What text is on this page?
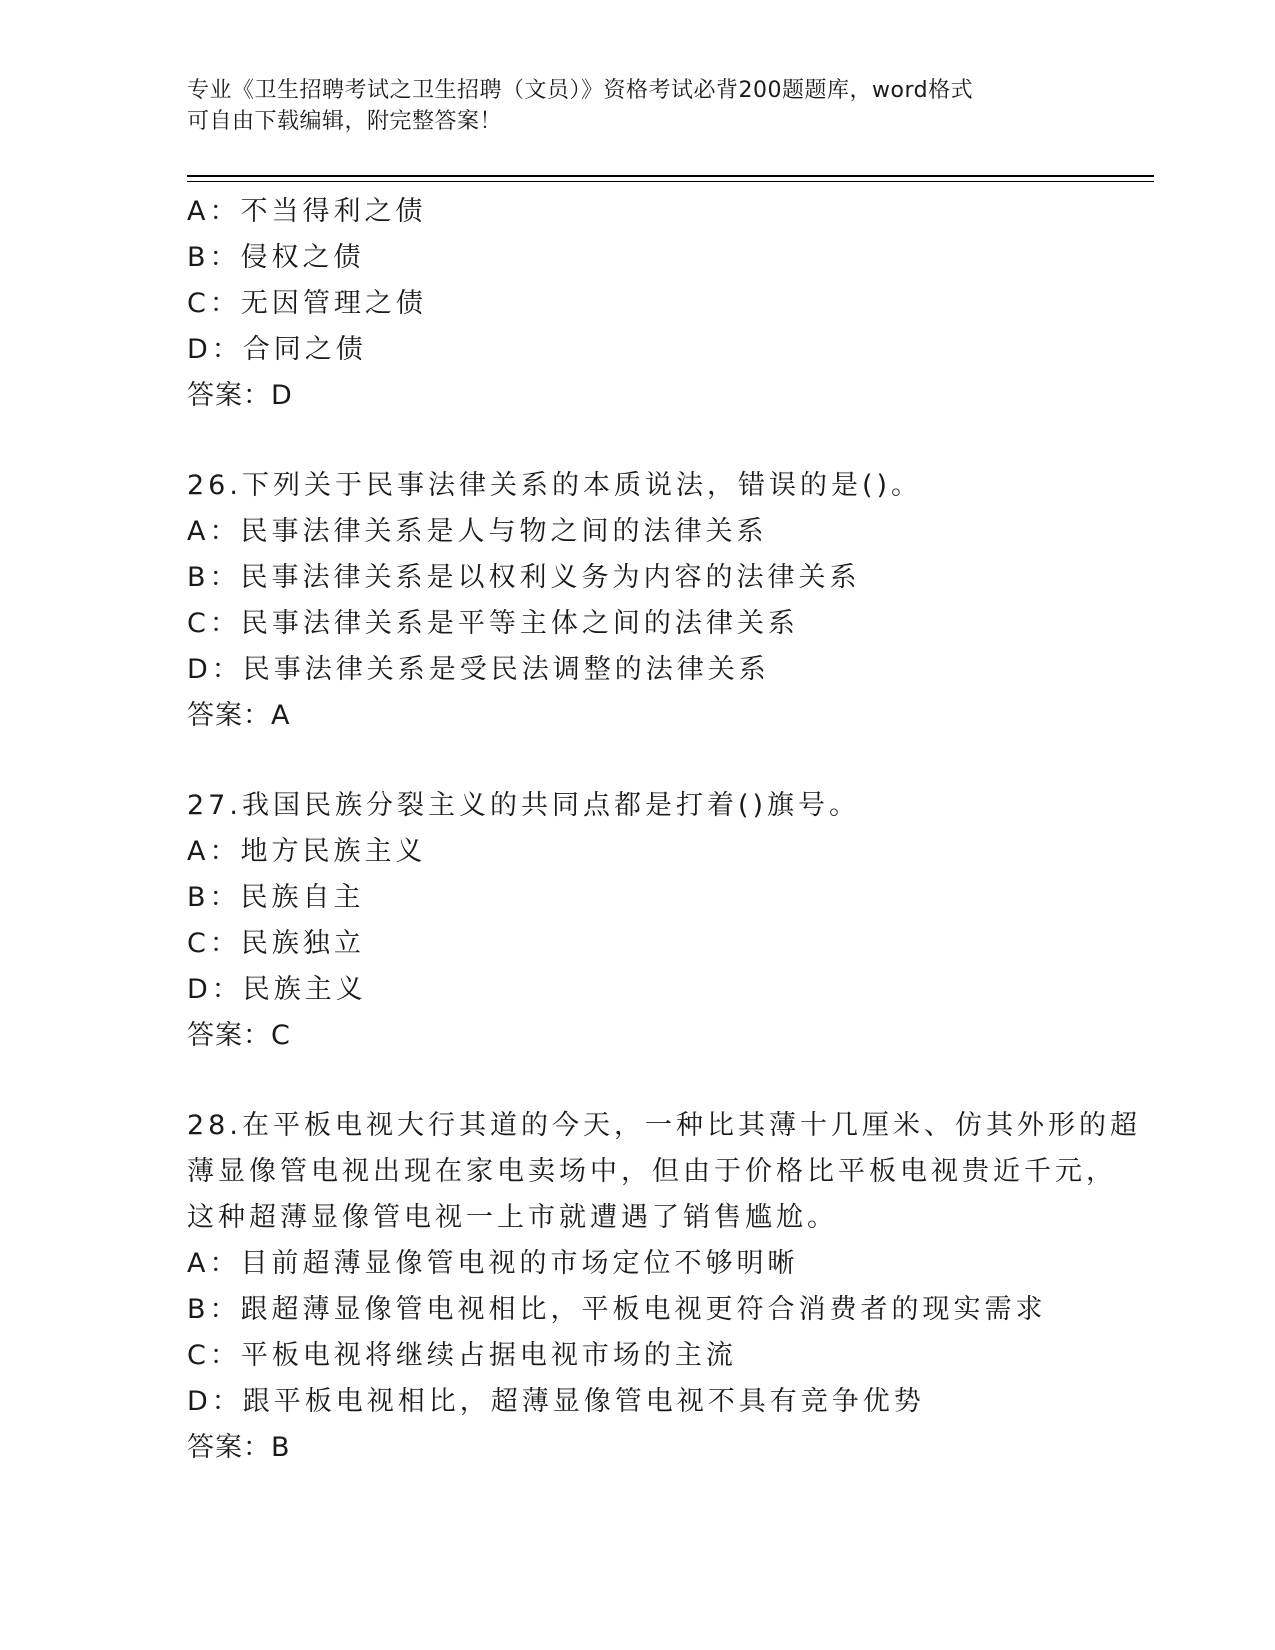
专业《卫生招聘考试之卫生招聘（文员）》资格考试必背200题题库，word格式
可自由下载编辑，附完整答案！
A：不当得利之债
B：侵权之债
C：无因管理之债
D：合同之债
答案：D
26.下列关于民事法律关系的本质说法，错误的是()。
A：民事法律关系是人与物之间的法律关系
B：民事法律关系是以权利义务为内容的法律关系
C：民事法律关系是平等主体之间的法律关系
D：民事法律关系是受民法调整的法律关系
答案：A
27.我国民族分裂主义的共同点都是打着()旗号。
A：地方民族主义
B：民族自主
C：民族独立
D：民族主义
答案：C
28.在平板电视大行其道的今天，一种比其薄十几厘米、仿其外形的超
薄显像管电视出现在家电卖场中，但由于价格比平板电视贵近千元，
这种超薄显像管电视一上市就遭遇了销售尴尬。
A：目前超薄显像管电视的市场定位不够明晰
B：跟超薄显像管电视相比，平板电视更符合消费者的现实需求
C：平板电视将继续占据电视市场的主流
D：跟平板电视相比，超薄显像管电视不具有竞争优势
答案：B
